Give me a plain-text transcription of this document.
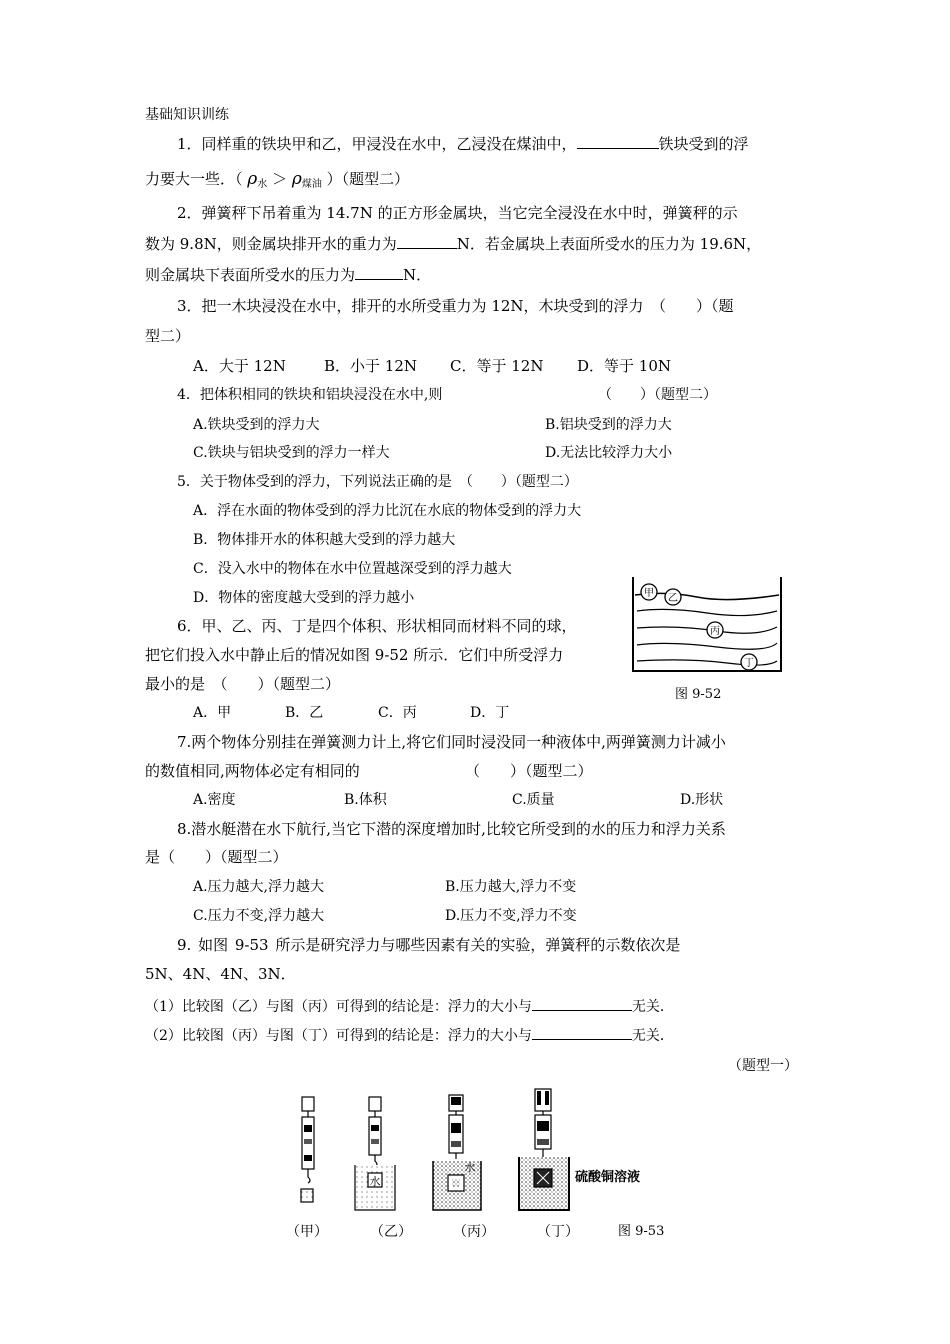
基础知识训练
1．同样重的铁块甲和乙，甲浸没在水中，乙浸没在煤油中，	铁块受到的浮
力要大一些．（ $\rho_水 > \rho_{煤油}$ ）（题型二）
2．弹簧秤下吊着重为 14.7N 的正方形金属块，当它完全浸没在水中时，弹簧秤的示
数为 9.8N，则金属块排开水的重力为	N．若金属块上表面所受水的压力为 19.6N，
则金属块下表面所受水的压力为	N．
3．把一木块浸没在水中，排开的水所受重力为 12N，木块受到的浮力　（　　）（题
型二）
A．大于 12N	B．小于 12N C．等于 12N D．等于 10N
4．把体积相同的铁块和铝块浸没在水中,则	（　　）（题型二）
A.铁块受到的浮力大	B.铝块受到的浮力大
C.铁块与铝块受到的浮力一样大	D.无法比较浮力大小
5．关于物体受到的浮力，下列说法正确的是　（　　）（题型二）
A．浮在水面的物体受到的浮力比沉在水底的物体受到的浮力大
B．物体排开水的体积越大受到的浮力越大
C．没入水中的物体在水中位置越深受到的浮力越大
D．物体的密度越大受到的浮力越小	甲 乙
丙
丁
图 9-52
6．甲、乙、丙、丁是四个体积、形状相同而材料不同的球，
把它们投入水中静止后的情况如图 9-52 所示．它们中所受浮力
最小的是　（　　）（题型二）
A．甲	B．乙	C．丙	D．丁
7.两个物体分别挂在弹簧测力计上,将它们同时浸没同一种液体中,两弹簧测力计减小
的数值相同,两物体必定有相同的	（　　）（题型二）
A.密度	B.体积	C.质量	D.形状
8.潜水艇潜在水下航行,当它下潜的深度增加时,比较它所受到的水的压力和浮力关系
是（　　）（题型二）
A.压力越大,浮力越大	B.压力越大,浮力不变
C.压力不变,浮力越大	D.压力不变,浮力不变
9. 如图 9-53 所示是研究浮力与哪些因素有关的实验，弹簧秤的示数依次是
5N、4N、4N、3N．
（1）比较图（乙）与图（丙）可得到的结论是：浮力的大小与	无关．
（2）比较图（丙）与图（丁）可得到的结论是：浮力的大小与	无关．
（题型一）
水
水
硫酸铜溶液
（甲）	（乙）	（丙）	（丁）	图 9-53
